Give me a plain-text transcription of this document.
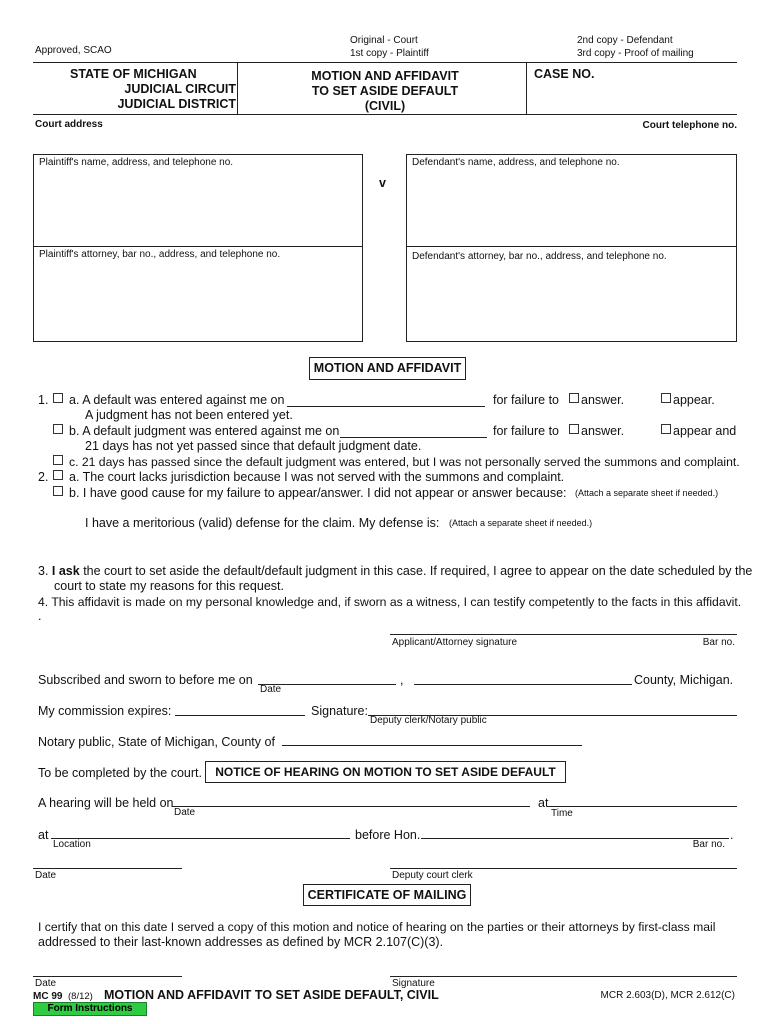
Approved, SCAO
Original - Court
1st copy - Plaintiff
2nd copy - Defendant
3rd copy - Proof of mailing
STATE OF MICHIGAN
JUDICIAL CIRCUIT
JUDICIAL DISTRICT
MOTION AND AFFIDAVIT
TO SET ASIDE DEFAULT
(CIVIL)
CASE NO.
Court address	Court telephone no.
Plaintiff's name, address, and telephone no.
Plaintiff's attorney, bar no., address, and telephone no.
v
Defendant's name, address, and telephone no.
Defendant's attorney, bar no., address, and telephone no.
MOTION AND AFFIDAVIT
1. a. A default was entered against me on	for failure to answer.	appear.
A judgment has not been entered yet.
b. A default judgment was entered against me on	for failure to answer.	appear and
21 days has not yet passed since that default judgment date.
c. 21 days has passed since the default judgment was entered, but I was not personally served the summons and complaint.
2. a. The court lacks jurisdiction because I was not served with the summons and complaint.
b. I have good cause for my failure to appear/answer. I did not appear or answer because: (Attach a separate sheet if needed.)
I have a meritorious (valid) defense for the claim. My defense is: (Attach a separate sheet if needed.)
3. I ask the court to set aside the default/default judgment in this case. If required, I agree to appear on the date scheduled by the
court to state my reasons for this request.
4. This affidavit is made on my personal knowledge and, if sworn as a witness, I can testify competently to the facts in this affidavit.
.
Applicant/Attorney signature	Bar no.
Subscribed and sworn to before me on
Date
,	County, Michigan.
My commission expires:	Signature:
Deputy clerk/Notary public
Notary public, State of Michigan, County of
To be completed by the court.	NOTICE OF HEARING ON MOTION TO SET ASIDE DEFAULT
A hearing will be held on
Date
at
Time
at
Location
before Hon.	.
Bar no.
Date	Deputy court clerk
CERTIFICATE OF MAILING
I certify that on this date I served a copy of this motion and notice of hearing on the parties or their attorneys by first-class mail
addressed to their last-known addresses as defined by MCR 2.107(C)(3).
Date	Signature
MC 99 (8/12) MOTION AND AFFIDAVIT TO SET ASIDE DEFAULT, CIVIL	MCR 2.603(D), MCR 2.612(C)
Form Instructions
